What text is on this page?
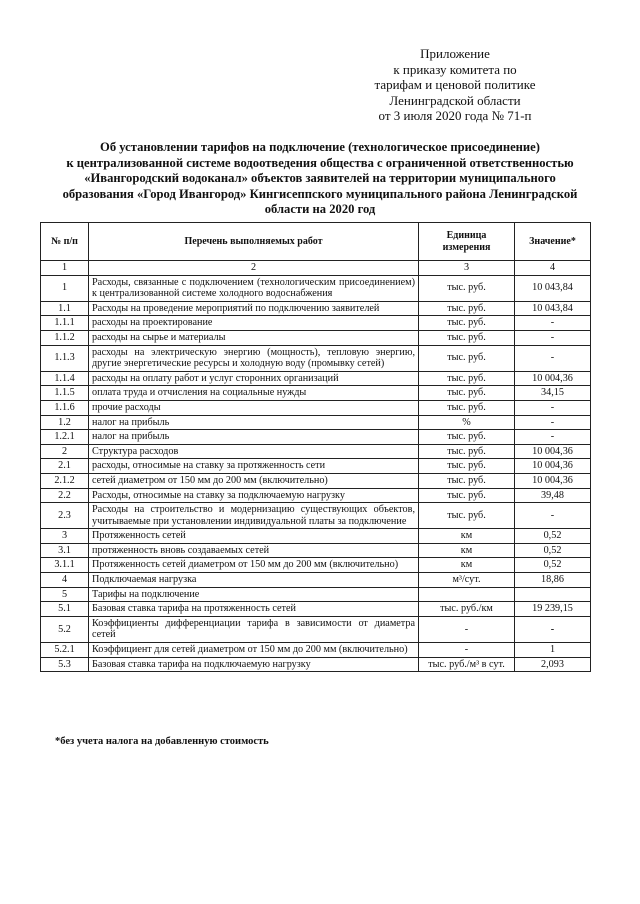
Приложение
к приказу комитета по
тарифам и ценовой политике
Ленинградской области
от 3 июля 2020 года № 71-п
Об установлении тарифов на подключение (технологическое присоединение)
к централизованной системе водоотведения общества с ограниченной ответственностью
«Ивангородский водоканал» объектов заявителей на территории муниципального
образования «Город Ивангород» Кингисеппского муниципального района Ленинградской
области на 2020 год
№ п/п	Перечень выполняемых работ	Единица измерения	Значение*
1	2	3	4
1	Расходы, связанные с подключением (технологическим присоединением) к централизованной системе холодного водоснабжения	тыс. руб.	10 043,84
1.1	Расходы на проведение мероприятий по подключению заявителей	тыс. руб.	10 043,84
1.1.1	расходы на проектирование	тыс. руб.	-
1.1.2	расходы на сырье и материалы	тыс. руб.	-
1.1.3	расходы на электрическую энергию (мощность), тепловую энергию, другие энергетические ресурсы и холодную воду (промывку сетей)	тыс. руб.	-
1.1.4	расходы на оплату работ и услуг сторонних организаций	тыс. руб.	10 004,36
1.1.5	оплата труда и отчисления на социальные нужды	тыс. руб.	34,15
1.1.6	прочие расходы	тыс. руб.	-
1.2	налог на прибыль	%	-
1.2.1	налог на прибыль	тыс. руб.	-
2	Структура расходов	тыс. руб.	10 004,36
2.1	расходы, относимые на ставку за протяженность сети	тыс. руб.	10 004,36
2.1.2	сетей диаметром от 150 мм до 200 мм (включительно)	тыс. руб.	10 004,36
2.2	Расходы, относимые на ставку за подключаемую нагрузку	тыс. руб.	39,48
2.3	Расходы на строительство и модернизацию существующих объектов, учитываемые при установлении индивидуальной платы за подключение	тыс. руб.	-
3	Протяженность сетей	км	0,52
3.1	протяженность вновь создаваемых сетей	км	0,52
3.1.1	Протяженность сетей диаметром от 150 мм до 200 мм (включительно)	км	0,52
4	Подключаемая нагрузка	м³/сут.	18,86
5	Тарифы на подключение		
5.1	Базовая ставка тарифа на протяженность сетей	тыс. руб./км	19 239,15
5.2	Коэффициенты дифференциации тарифа в зависимости от диаметра сетей	-	-
5.2.1	Коэффициент для сетей диаметром от 150 мм до 200 мм (включительно)	-	1
5.3	Базовая ставка тарифа на подключаемую нагрузку	тыс. руб./м³ в сут.	2,093
*без учета налога на добавленную стоимость
